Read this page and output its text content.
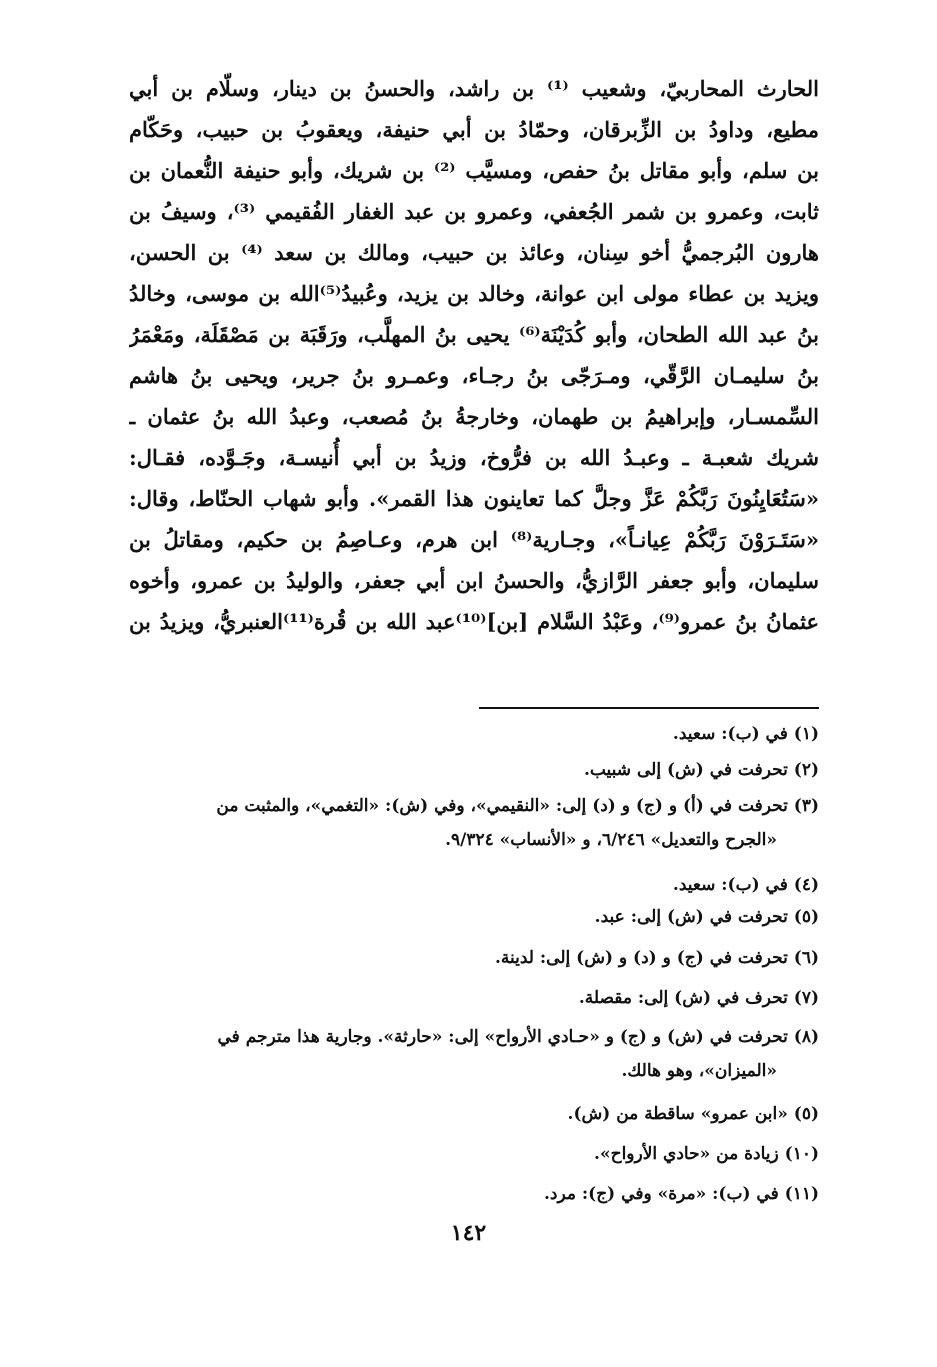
الحارث المحاربيّ، وشعيب ⁽¹⁾ بن راشد، والحسنُ بن دينار، وسلّام بن أبي
مطيع، وداودُ بن الزِّبرقان، وحمّادُ بن أبي حنيفة، ويعقوبُ بن حبيب، وحَكّام
بن سلم، وأبو مقاتل بنُ حفص، ومسيَّب ⁽²⁾ بن شريك، وأبو حنيفة النُّعمان بن
ثابت، وعمرو بن شمر الجُعفي، وعمرو بن عبد الغفار الفُقيمي ⁽³⁾، وسيفُ بن
هارون البُرجميُّ أخو سِنان، وعائذ بن حبيب، ومالك بن سعد ⁽⁴⁾ بن الحسن،
ويزيد بن عطاء مولى ابن عوانة، وخالد بن يزيد، وعُبيدُ⁽⁵⁾الله بن موسى، وخالدُ
بنُ عبد الله الطحان، وأبو كُدَيْنَة⁽⁶⁾ يحيى بنُ المهلَّب، ورَقَبَة بن مَصْقَلَة، ومَعْمَرُ
بنُ سليمـان الرَّقّي، ومـرَجّى بنُ رجـاء، وعمـرو بنُ جرير، ويحيى بنُ هاشم
السِّمسـار، وإبراهيمُ بن طهمان، وخارجةُ بنُ مُصعب، وعبدُ الله بنُ عثمان ـ
شريك شعبـة ـ وعبـدُ الله بن فرُّوخ، وزيدُ بن أبي أُنيسـة، وجَـوَّده، فقـال:
«سَتُعَايِنُونَ رَبَّكُمْ عَزَّ وجلَّ كما تعاينون هذا القمر». وأبو شهاب الحنّاط، وقال:
«سَتَـرَوْنَ رَبَّكُمْ عِيانـاً»، وجـارية⁽⁸⁾ ابن هرم، وعـاصِمُ بن حكيم، ومقاتلُ بن
سليمان، وأبو جعفر الرَّازيُّ، والحسنُ ابن أبي جعفر، والوليدُ بن عمرو، وأخوه
عثمانُ بنُ عمرو⁽⁹⁾، وعَبْدُ السَّلام [بن]⁽¹⁰⁾عبد الله بن قُرة⁽¹¹⁾العنبريُّ، ويزيدُ بن
(١) في (ب): سعيد.
(٢) تحرفت في (ش) إلى شبيب.
(٣) تحرفت في (أ) و (ج) و (د) إلى: «النقيمي»، وفي (ش): «التغمي»، والمثبت من
«الجرح والتعديل» ٦/٢٤٦، و «الأنساب» ٩/٣٢٤.
(٤) في (ب): سعيد.
(٥) تحرفت في (ش) إلى: عبد.
(٦) تحرفت في (ج) و (د) و (ش) إلى: لدينة.
(٧) تحرف في (ش) إلى: مقصلة.
(٨) تحرفت في (ش) و (ج) و «حـادي الأرواح» إلى: «حارثة». وجارية هذا مترجم في
«الميزان»، وهو هالك.
(٥) «ابن عمرو» ساقطة من (ش).
(١٠) زيادة من «حادي الأرواح».
(١١) في (ب): «مرة» وفي (ج): مرد.
١٤٢
